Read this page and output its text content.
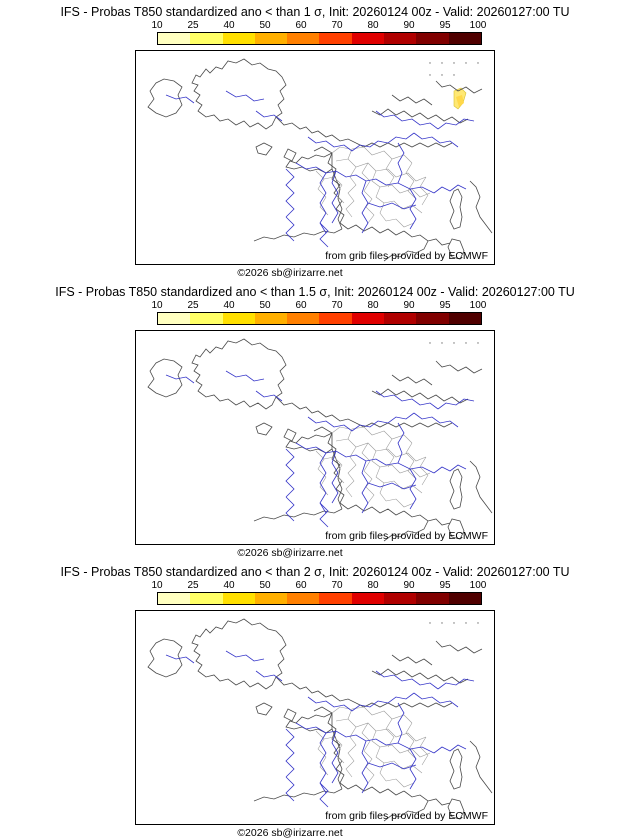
IFS - Probas T850 standardized ano < than 1 σ, Init: 20260124 00z - Valid: 20260127:00 TU
10 25 40 50 60 70 80 90 95 100
from grib files provided by ECMWF
©2026 sb@irizarre.net
IFS - Probas T850 standardized ano < than 1.5 σ, Init: 20260124 00z - Valid: 20260127:00 TU
10 25 40 50 60 70 80 90 95 100
from grib files provided by ECMWF
©2026 sb@irizarre.net
IFS - Probas T850 standardized ano < than 2 σ, Init: 20260124 00z - Valid: 20260127:00 TU
10 25 40 50 60 70 80 90 95 100
from grib files provided by ECMWF
©2026 sb@irizarre.net
